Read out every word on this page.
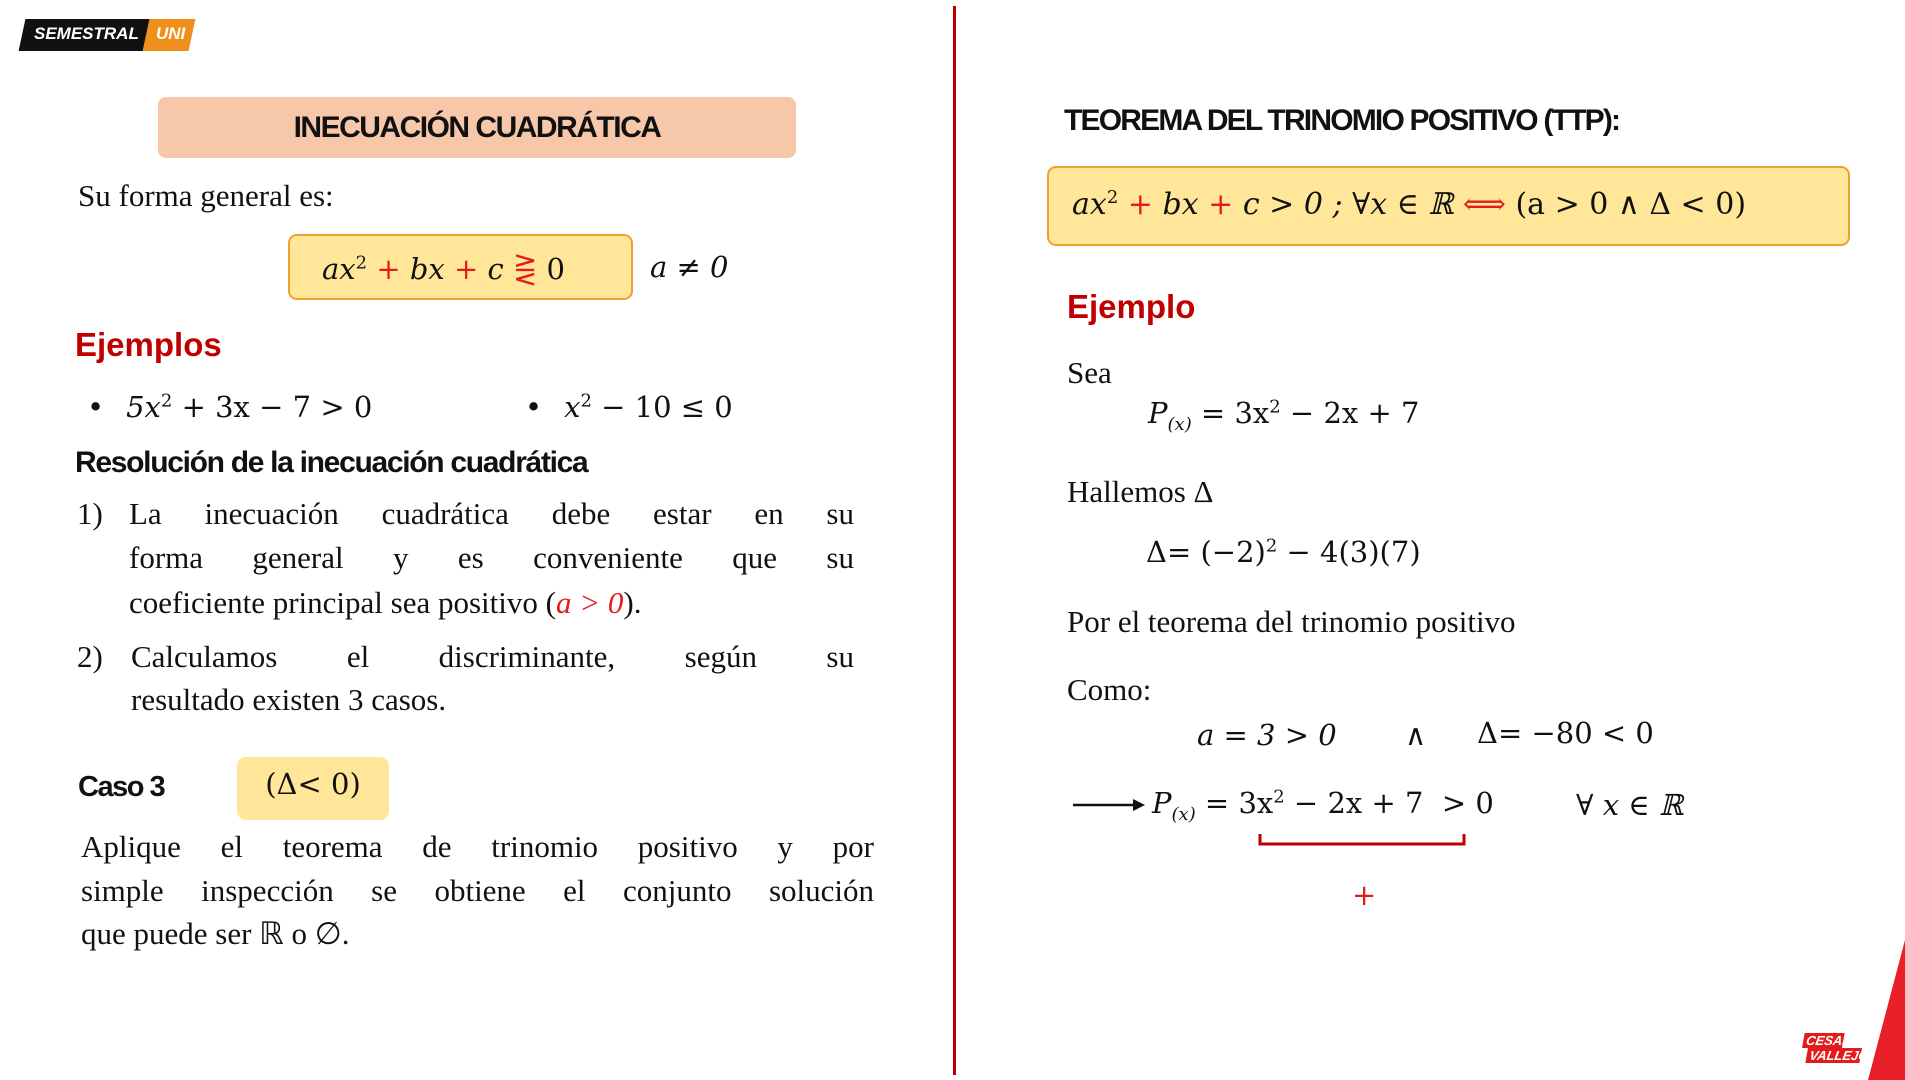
SEMESTRAL UNI
INECUACIÓN CUADRÁTICA
Su forma general es:
$ax^2$ + bx + c ⋛ 0	a ≠ 0
Ejemplos
• $5x^2 + 3x - 7 > 0$	• $x^2 - 10 \le 0$
Resolución de la inecuación cuadrática
1) La inecuación cuadrática debe estar en su
forma general y es conveniente que su
coeficiente principal sea positivo (a > 0).
2) Calculamos el discriminante, según su
resultado existen 3 casos.
Caso 3	(Δ< 0)
Aplique el teorema de trinomio positivo y por
simple inspección se obtiene el conjunto solución
que puede ser ℝ o ∅.
TEOREMA DEL TRINOMIO POSITIVO (TTP):
$ax^2$ + bx + c > 0 ; ∀x ∈ ℝ ⟺ (a > 0 ∧ Δ < 0)
Ejemplo
Sea
$P_{(x)} = 3x^2 - 2x + 7$
Hallemos Δ
$\Delta= (-2)^2 - 4(3)(7)$
Por el teorema del trinomio positivo
Como:
a = 3 > 0 ∧ Δ= −80 < 0
$P_{(x)} = 3x^2 - 2x + 7 > 0$	∀ x ∈ ℝ
+
CESAR
VALLEJO
